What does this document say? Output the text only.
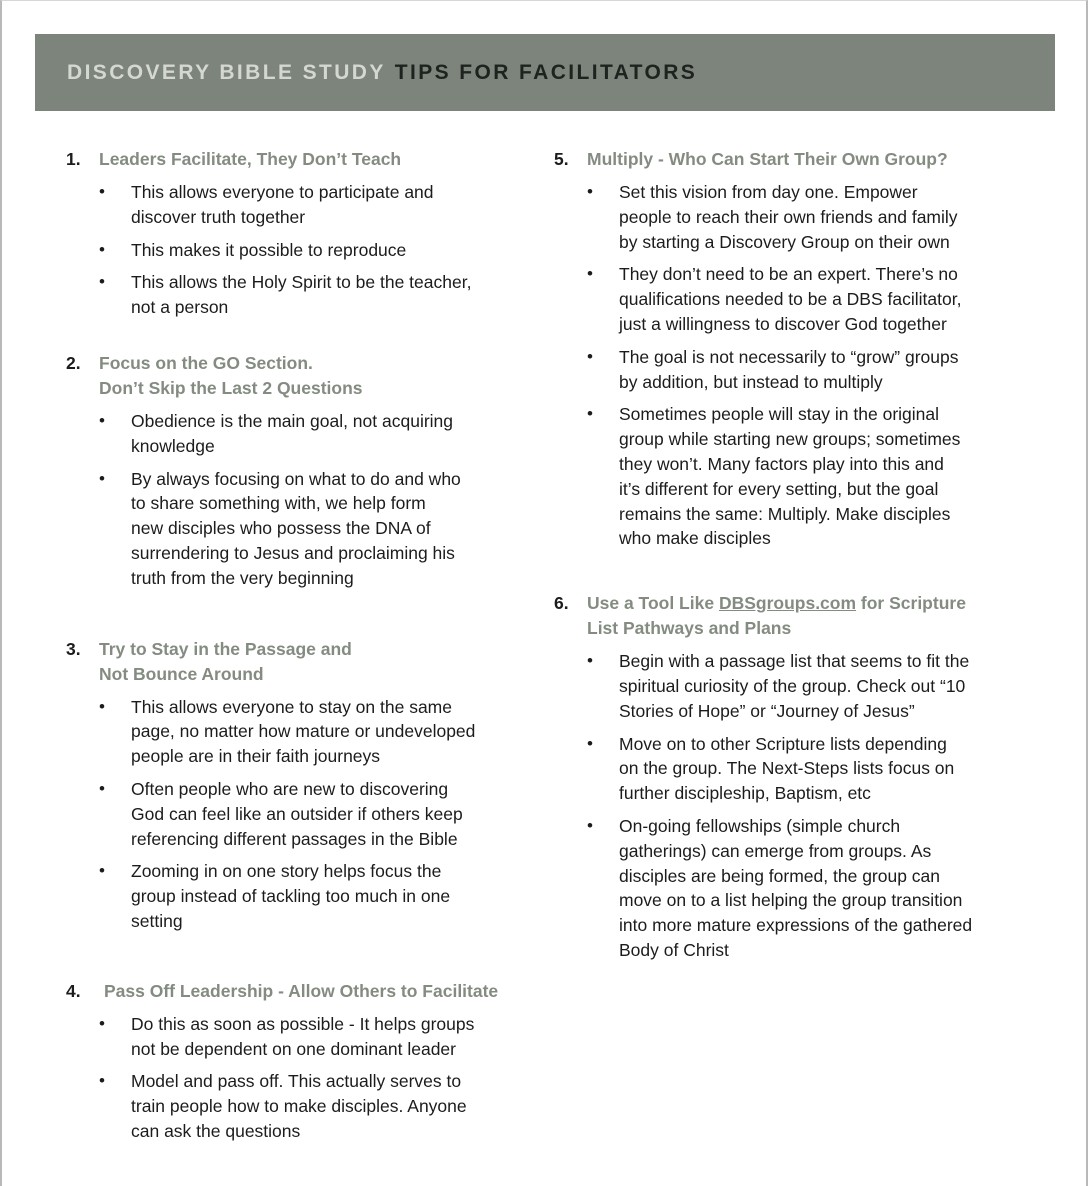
DISCOVERY BIBLE STUDY TIPS FOR FACILITATORS
1. Leaders Facilitate, They Don’t Teach
• This allows everyone to participate and
discover truth together
• This makes it possible to reproduce
• This allows the Holy Spirit to be the teacher,
not a person
2. Focus on the GO Section.
Don’t Skip the Last 2 Questions
• Obedience is the main goal, not acquiring
knowledge
• By always focusing on what to do and who
to share something with, we help form
new disciples who possess the DNA of
surrendering to Jesus and proclaiming his
truth from the very beginning
3. Try to Stay in the Passage and
Not Bounce Around
• This allows everyone to stay on the same
page, no matter how mature or undeveloped
people are in their faith journeys
• Often people who are new to discovering
God can feel like an outsider if others keep
referencing different passages in the Bible
• Zooming in on one story helps focus the
group instead of tackling too much in one
setting
4. Pass Off Leadership - Allow Others to Facilitate
• Do this as soon as possible - It helps groups
not be dependent on one dominant leader
• Model and pass off. This actually serves to
train people how to make disciples. Anyone
can ask the questions
5. Multiply - Who Can Start Their Own Group?
• Set this vision from day one. Empower
people to reach their own friends and family
by starting a Discovery Group on their own
• They don’t need to be an expert. There’s no
qualifications needed to be a DBS facilitator,
just a willingness to discover God together
• The goal is not necessarily to “grow” groups
by addition, but instead to multiply
• Sometimes people will stay in the original
group while starting new groups; sometimes
they won’t. Many factors play into this and
it’s different for every setting, but the goal
remains the same: Multiply. Make disciples
who make disciples
6. Use a Tool Like DBSgroups.com for Scripture
List Pathways and Plans
• Begin with a passage list that seems to fit the
spiritual curiosity of the group. Check out “10
Stories of Hope” or “Journey of Jesus”
• Move on to other Scripture lists depending
on the group. The Next-Steps lists focus on
further discipleship, Baptism, etc
• On-going fellowships (simple church
gatherings) can emerge from groups. As
disciples are being formed, the group can
move on to a list helping the group transition
into more mature expressions of the gathered
Body of Christ
